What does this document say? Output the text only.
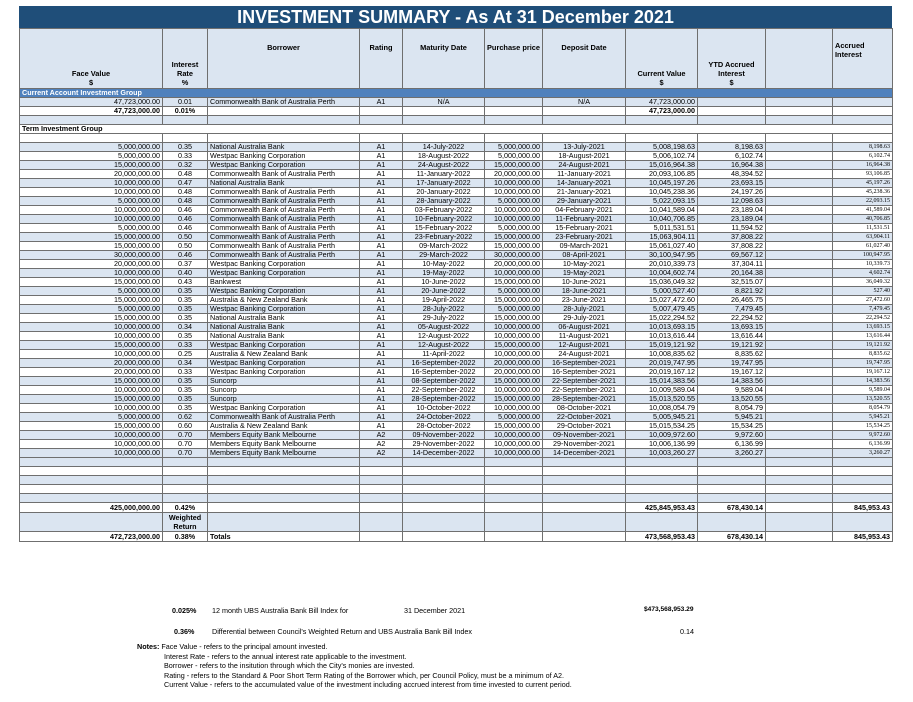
INVESTMENT SUMMARY - As At 31 December 2021
Face Value
$	Interest Rate
%	Borrower	Rating	Maturity Date	Purchase price	Deposit Date	Current Value
$	YTD Accrued Interest
$		Accrued Interest
Current Account Investment Group										
47,723,000.00	0.01	Commonwealth Bank of Australia Perth	A1	N/A		N/A	47,723,000.00			
47,723,000.00	0.01%						47,723,000.00			

Term Investment Group										

5,000,000.00	0.35	National Australia Bank	A1	14-July-2022	5,000,000.00	13-July-2021	5,008,198.63	8,198.63		8,198.63
5,000,000.00	0.33	Westpac Banking Corporation	A1	18-August-2022	5,000,000.00	18-August-2021	5,006,102.74	6,102.74		6,102.74
15,000,000.00	0.32	Westpac Banking Corporation	A1	24-August-2022	15,000,000.00	24-August-2021	15,016,964.38	16,964.38		16,964.38
20,000,000.00	0.48	Commonwealth Bank of Australia Perth	A1	11-January-2022	20,000,000.00	11-January-2021	20,093,106.85	48,394.52		93,106.85
10,000,000.00	0.47	National Australia Bank	A1	17-January-2022	10,000,000.00	14-January-2021	10,045,197.26	23,693.15		45,197.26
10,000,000.00	0.48	Commonwealth Bank of Australia Perth	A1	20-January-2022	10,000,000.00	21-January-2021	10,045,238.36	24,197.26		45,238.36
5,000,000.00	0.48	Commonwealth Bank of Australia Perth	A1	28-January-2022	5,000,000.00	29-January-2021	5,022,093.15	12,098.63		22,093.15
10,000,000.00	0.46	Commonwealth Bank of Australia Perth	A1	03-February-2022	10,000,000.00	04-February-2021	10,041,589.04	23,189.04		41,589.04
10,000,000.00	0.46	Commonwealth Bank of Australia Perth	A1	10-February-2022	10,000,000.00	11-February-2021	10,040,706.85	23,189.04		40,706.85
5,000,000.00	0.46	Commonwealth Bank of Australia Perth	A1	15-February-2022	5,000,000.00	15-February-2021	5,011,531.51	11,594.52		11,531.51
15,000,000.00	0.50	Commonwealth Bank of Australia Perth	A1	23-February-2022	15,000,000.00	23-February-2021	15,063,904.11	37,808.22		63,904.11
15,000,000.00	0.50	Commonwealth Bank of Australia Perth	A1	09-March-2022	15,000,000.00	09-March-2021	15,061,027.40	37,808.22		61,027.40
30,000,000.00	0.46	Commonwealth Bank of Australia Perth	A1	29-March-2022	30,000,000.00	08-April-2021	30,100,947.95	69,567.12		100,947.95
20,000,000.00	0.37	Westpac Banking Corporation	A1	10-May-2022	20,000,000.00	10-May-2021	20,010,339.73	37,304.11		10,339.73
10,000,000.00	0.40	Westpac Banking Corporation	A1	19-May-2022	10,000,000.00	19-May-2021	10,004,602.74	20,164.38		4,602.74
15,000,000.00	0.43	Bankwest	A1	10-June-2022	15,000,000.00	10-June-2021	15,036,049.32	32,515.07		36,049.32
5,000,000.00	0.35	Westpac Banking Corporation	A1	20-June-2022	5,000,000.00	18-June-2021	5,000,527.40	8,821.92		527.40
15,000,000.00	0.35	Australia & New Zealand Bank	A1	19-April-2022	15,000,000.00	23-June-2021	15,027,472.60	26,465.75		27,472.60
5,000,000.00	0.35	Westpac Banking Corporation	A1	28-July-2022	5,000,000.00	28-July-2021	5,007,479.45	7,479.45		7,479.45
15,000,000.00	0.35	National Australia Bank	A1	29-July-2022	15,000,000.00	29-July-2021	15,022,294.52	22,294.52		22,294.52
10,000,000.00	0.34	National Australia Bank	A1	05-August-2022	10,000,000.00	06-August-2021	10,013,693.15	13,693.15		13,693.15
10,000,000.00	0.35	National Australia Bank	A1	12-August-2022	10,000,000.00	11-August-2021	10,013,616.44	13,616.44		13,616.44
15,000,000.00	0.33	Westpac Banking Corporation	A1	12-August-2022	15,000,000.00	12-August-2021	15,019,121.92	19,121.92		19,121.92
10,000,000.00	0.25	Australia & New Zealand Bank	A1	11-April-2022	10,000,000.00	24-August-2021	10,008,835.62	8,835.62		8,835.62
20,000,000.00	0.34	Westpac Banking Corporation	A1	16-September-2022	20,000,000.00	16-September-2021	20,019,747.95	19,747.95		19,747.95
20,000,000.00	0.33	Westpac Banking Corporation	A1	16-September-2022	20,000,000.00	16-September-2021	20,019,167.12	19,167.12		19,167.12
15,000,000.00	0.35	Suncorp	A1	08-September-2022	15,000,000.00	22-September-2021	15,014,383.56	14,383.56		14,383.56
10,000,000.00	0.35	Suncorp	A1	22-September-2022	10,000,000.00	22-September-2021	10,009,589.04	9,589.04		9,589.04
15,000,000.00	0.35	Suncorp	A1	28-September-2022	15,000,000.00	28-September-2021	15,013,520.55	13,520.55		13,520.55
10,000,000.00	0.35	Westpac Banking Corporation	A1	10-October-2022	10,000,000.00	08-October-2021	10,008,054.79	8,054.79		8,054.79
5,000,000.00	0.62	Commonwealth Bank of Australia Perth	A1	24-October-2022	5,000,000.00	22-October-2021	5,005,945.21	5,945.21		5,945.21
15,000,000.00	0.60	Australia & New Zealand Bank	A1	28-October-2022	15,000,000.00	29-October-2021	15,015,534.25	15,534.25		15,534.25
10,000,000.00	0.70	Members Equity Bank Melbourne	A2	09-November-2022	10,000,000.00	09-November-2021	10,009,972.60	9,972.60		9,972.60
10,000,000.00	0.70	Members Equity Bank Melbourne	A2	29-November-2022	10,000,000.00	29-November-2021	10,006,136.99	6,136.99		6,136.99
10,000,000.00	0.70	Members Equity Bank Melbourne	A2	14-December-2022	10,000,000.00	14-December-2021	10,003,260.27	3,260.27		3,260.27

425,000,000.00	0.42%						425,845,953.43	678,430.14		845,953.43
	Weighted Return									
472,723,000.00	0.38%	Totals					473,568,953.43	678,430.14		845,953.43
0.025% 12 month UBS Australia Bank Bill Index for	31 December 2021	$473,568,953.29
0.36% Differential between Council's Weighted Return and UBS Australia Bank Bill Index	0.14
Notes: Face Value - refers to the principal amount invested.
Interest Rate - refers to the annual interest rate applicable to the investment.
Borrower - refers to the insitution through which the City's monies are invested.
Rating - refers to the Standard & Poor Short Term Rating of the Borrower which, per Council Policy, must be a minimum of A2.
Current Value - refers to the accumulated value of the investment including accrued interest from time invested to current period.
